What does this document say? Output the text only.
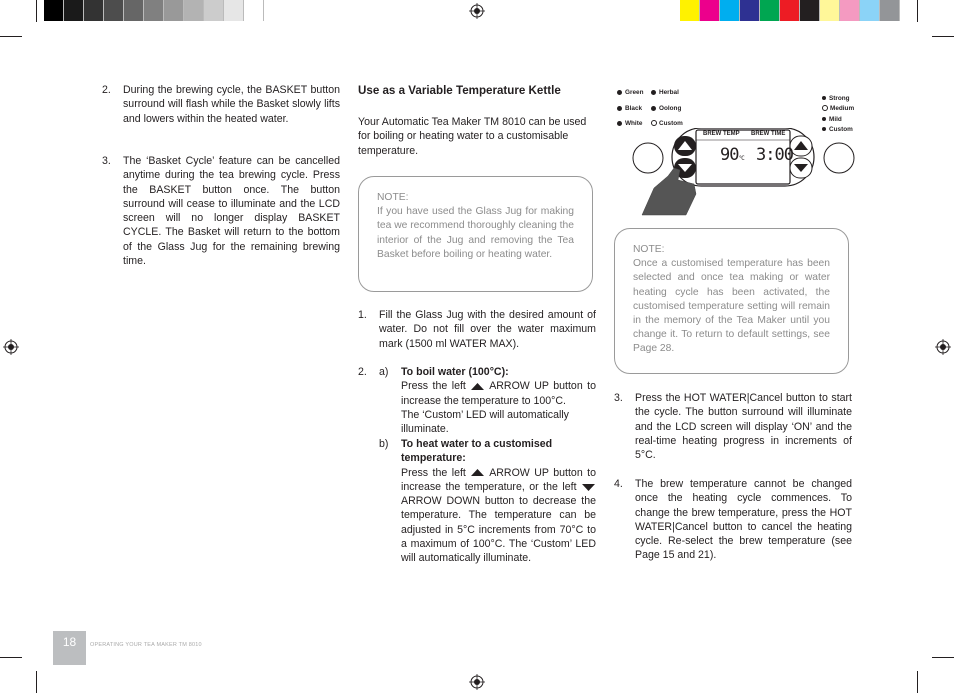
2. During the brewing cycle, the BASKET button surround will flash while the Basket slowly lifts and lowers within the heated water.
3. The ‘Basket Cycle’ feature can be cancelled anytime during the tea brewing cycle. Press the BASKET button once. The button surround will cease to illuminate and the LCD screen will no longer display BASKET CYCLE. The Basket will return to the bottom of the Glass Jug for the remaining brewing time.
Use as a Variable Temperature Kettle
Your Automatic Tea Maker TM 8010 can be used for boiling or heating water to a customisable temperature.
NOTE:
If you have used the Glass Jug for making tea we recommend thoroughly cleaning the interior of the Jug and removing the Tea Basket before boiling or heating water.
1. Fill the Glass Jug with the desired amount of water. Do not fill over the water maximum mark (1500 ml WATER MAX).
2. a) To boil water (100°C):
Press the left ARROW UP button to increase the temperature to 100°C.
The ‘Custom’ LED will automatically illuminate.
b) To heat water to a customised temperature:
Press the left ARROW UP button to increase the temperature, or the left  ARROW DOWN button to decrease the temperature. The temperature can be adjusted in 5°C increments from 70°C to a maximum of 100°C. The ‘Custom’ LED will automatically illuminate.
Green	Herbal
Black	Oolong
White	Custom
Strong
Medium
Mild
Custom
BREW TEMP BREW TIME
90°C 3:00
NOTE:
Once a customised temperature has been selected and once tea making or water heating cycle has been activated, the customised temperature setting will remain in the memory of the Tea Maker until you change it. To return to default settings, see Page 28.
3. Press the HOT WATER|Cancel button to start the cycle. The button surround will illuminate and the LCD screen will display ‘ON’ and the real-time heating progress in increments of 5°C.
4. The brew temperature cannot be changed once the heating cycle commences. To change the brew temperature, press the HOT WATER|Cancel button to cancel the heating cycle. Re-select the brew temperature (see Page 15 and 21).
18	OPERATING YOUR TEA MAKER TM 8010
